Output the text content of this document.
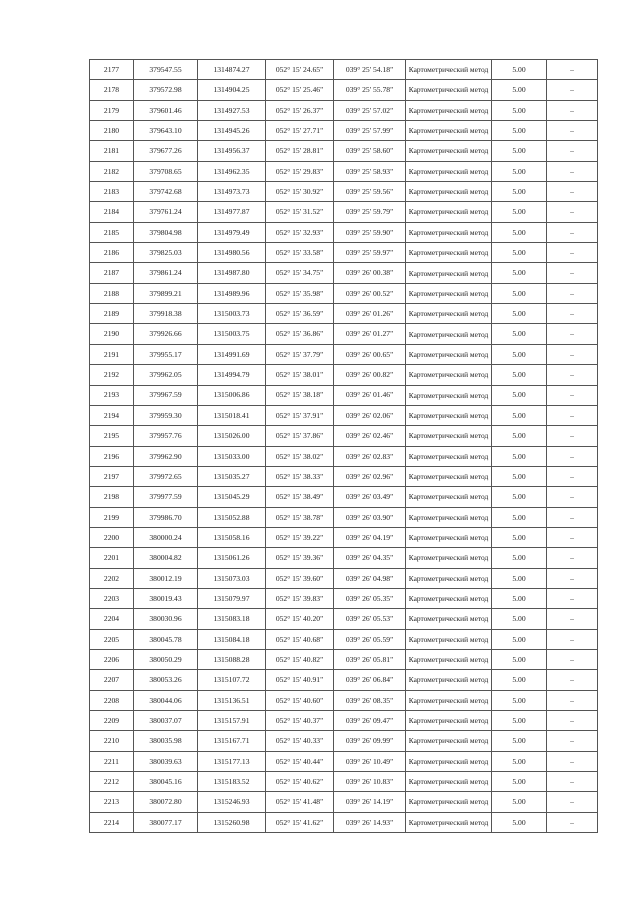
2177	379547.55	1314874.27	052° 15' 24.65"	039° 25' 54.18"	Картометрический метод	5.00	–
2178	379572.98	1314904.25	052° 15' 25.46"	039° 25' 55.78"	Картометрический метод	5.00	–
2179	379601.46	1314927.53	052° 15' 26.37"	039° 25' 57.02"	Картометрический метод	5.00	–
2180	379643.10	1314945.26	052° 15' 27.71"	039° 25' 57.99"	Картометрический метод	5.00	–
2181	379677.26	1314956.37	052° 15' 28.81"	039° 25' 58.60"	Картометрический метод	5.00	–
2182	379708.65	1314962.35	052° 15' 29.83"	039° 25' 58.93"	Картометрический метод	5.00	–
2183	379742.68	1314973.73	052° 15' 30.92"	039° 25' 59.56"	Картометрический метод	5.00	–
2184	379761.24	1314977.87	052° 15' 31.52"	039° 25' 59.79"	Картометрический метод	5.00	–
2185	379804.98	1314979.49	052° 15' 32.93"	039° 25' 59.90"	Картометрический метод	5.00	–
2186	379825.03	1314980.56	052° 15' 33.58"	039° 25' 59.97"	Картометрический метод	5.00	–
2187	379861.24	1314987.80	052° 15' 34.75"	039° 26' 00.38"	Картометрический метод	5.00	–
2188	379899.21	1314989.96	052° 15' 35.98"	039° 26' 00.52"	Картометрический метод	5.00	–
2189	379918.38	1315003.73	052° 15' 36.59"	039° 26' 01.26"	Картометрический метод	5.00	–
2190	379926.66	1315003.75	052° 15' 36.86"	039° 26' 01.27"	Картометрический метод	5.00	–
2191	379955.17	1314991.69	052° 15' 37.79"	039° 26' 00.65"	Картометрический метод	5.00	–
2192	379962.05	1314994.79	052° 15' 38.01"	039° 26' 00.82"	Картометрический метод	5.00	–
2193	379967.59	1315006.86	052° 15' 38.18"	039° 26' 01.46"	Картометрический метод	5.00	–
2194	379959.30	1315018.41	052° 15' 37.91"	039° 26' 02.06"	Картометрический метод	5.00	–
2195	379957.76	1315026.00	052° 15' 37.86"	039° 26' 02.46"	Картометрический метод	5.00	–
2196	379962.90	1315033.00	052° 15' 38.02"	039° 26' 02.83"	Картометрический метод	5.00	–
2197	379972.65	1315035.27	052° 15' 38.33"	039° 26' 02.96"	Картометрический метод	5.00	–
2198	379977.59	1315045.29	052° 15' 38.49"	039° 26' 03.49"	Картометрический метод	5.00	–
2199	379986.70	1315052.88	052° 15' 38.78"	039° 26' 03.90"	Картометрический метод	5.00	–
2200	380000.24	1315058.16	052° 15' 39.22"	039° 26' 04.19"	Картометрический метод	5.00	–
2201	380004.82	1315061.26	052° 15' 39.36"	039° 26' 04.35"	Картометрический метод	5.00	–
2202	380012.19	1315073.03	052° 15' 39.60"	039° 26' 04.98"	Картометрический метод	5.00	–
2203	380019.43	1315079.97	052° 15' 39.83"	039° 26' 05.35"	Картометрический метод	5.00	–
2204	380030.96	1315083.18	052° 15' 40.20"	039° 26' 05.53"	Картометрический метод	5.00	–
2205	380045.78	1315084.18	052° 15' 40.68"	039° 26' 05.59"	Картометрический метод	5.00	–
2206	380050.29	1315088.28	052° 15' 40.82"	039° 26' 05.81"	Картометрический метод	5.00	–
2207	380053.26	1315107.72	052° 15' 40.91"	039° 26' 06.84"	Картометрический метод	5.00	–
2208	380044.06	1315136.51	052° 15' 40.60"	039° 26' 08.35"	Картометрический метод	5.00	–
2209	380037.07	1315157.91	052° 15' 40.37"	039° 26' 09.47"	Картометрический метод	5.00	–
2210	380035.98	1315167.71	052° 15' 40.33"	039° 26' 09.99"	Картометрический метод	5.00	–
2211	380039.63	1315177.13	052° 15' 40.44"	039° 26' 10.49"	Картометрический метод	5.00	–
2212	380045.16	1315183.52	052° 15' 40.62"	039° 26' 10.83"	Картометрический метод	5.00	–
2213	380072.80	1315246.93	052° 15' 41.48"	039° 26' 14.19"	Картометрический метод	5.00	–
2214	380077.17	1315260.98	052° 15' 41.62"	039° 26' 14.93"	Картометрический метод	5.00	–
